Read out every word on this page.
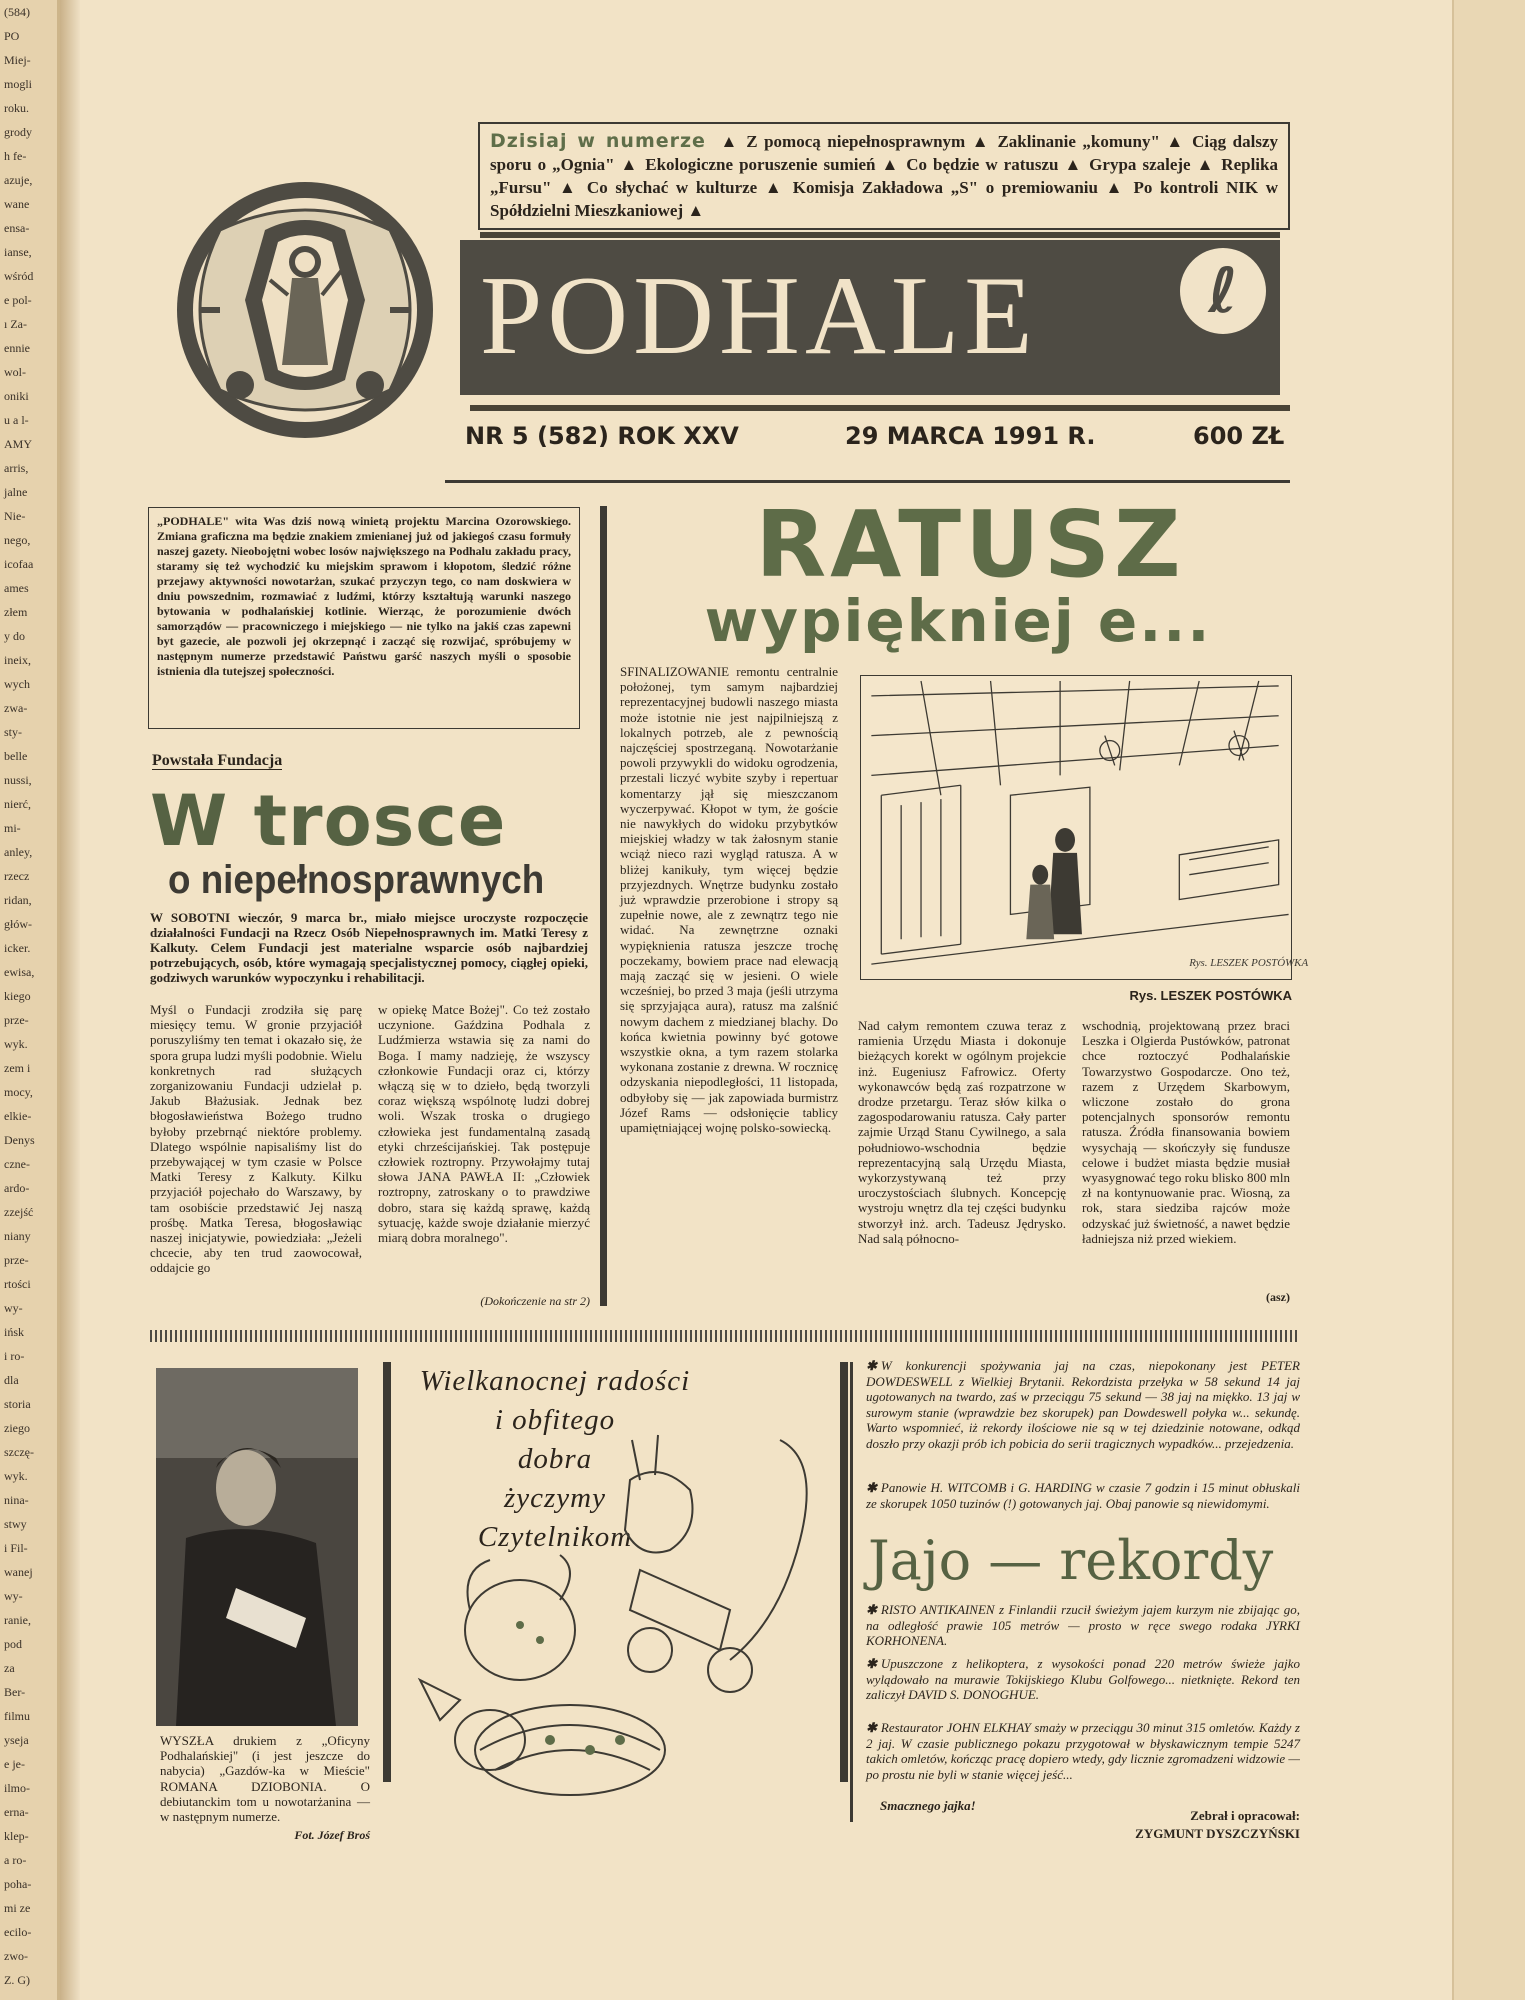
(584)
PO
Miej-
mogli
roku.
grody
h fe-
azuje,
wane
ensa-
ianse,
wśród
e pol-
ı Za-
ennie
wol-
oniki
u a l-
AMY
arris,
jalne
Nie-
nego,
icofaa
ames
złem
y do
ineix,
wych
zwa-
sty-
belle
nussi,
nierć,
mi-
anley,
rzecz
ridan,
głów-
icker.
ewisa,
kiego
prze-
wyk.
zem i
mocy,
elkie-
Denys
czne-
ardo-
zzejść
niany
prze-
rtości
wy-
ińsk
i ro-
dla
storia
ziego
szczę-
wyk.
nina-
stwy
i Fil-
wanej
wy-
ranie,
pod
za
Ber-
filmu
yseja
e je-
ilmo-
erna-
klep-
a ro-
poha-
mi ze
ecilo-
zwo-
Z. G)
Dzisiaj w numerze ▲ Z pomocą niepełnosprawnym ▲ Zaklinanie „komuny" ▲ Ciąg dalszy sporu o „Ognia" ▲ Ekologiczne poruszenie sumień ▲ Co będzie w ratuszu ▲ Grypa szaleje ▲ Replika „Fursu" ▲ Co słychać w kulturze ▲ Komisja Zakładowa „S" o premiowaniu ▲ Po kontroli NIK w Spółdzielni Mieszkaniowej ▲
PODHALE	ℓ
NR 5 (582) ROK XXV	29 MARCA 1991 R.	600 ZŁ
„PODHALE" wita Was dziś nową winietą projektu Marcina Ozorowskiego. Zmiana graficzna ma będzie znakiem zmienianej już od jakiegoś czasu formuły naszej gazety. Nieobojętni wobec losów największego na Podhalu zakładu pracy, staramy się też wychodzić ku miejskim sprawom i kłopotom, śledzić różne przejawy aktywności nowotarżan, szukać przyczyn tego, co nam doskwiera w dniu powszednim, rozmawiać z ludźmi, którzy kształtują warunki naszego bytowania w podhalańskiej kotlinie. Wierząc, że porozumienie dwóch samorządów — pracowniczego i miejskiego — nie tylko na jakiś czas zapewni byt gazecie, ale pozwoli jej okrzepnąć i zacząć się rozwijać, spróbujemy w następnym numerze przedstawić Państwu garść naszych myśli o sposobie istnienia dla tutejszej społeczności.
Powstała Fundacja
W trosce
o niepełnosprawnych
W SOBOTNI wieczór, 9 marca br., miało miejsce uroczyste rozpoczęcie działalności Fundacji na Rzecz Osób Niepełnosprawnych im. Matki Teresy z Kalkuty. Celem Fundacji jest materialne wsparcie osób najbardziej potrzebujących, osób, które wymagają specjalistycznej pomocy, ciągłej opieki, godziwych warunków wypoczynku i rehabilitacji.
Myśl o Fundacji zrodziła się parę miesięcy temu. W gronie przyjaciół poruszyliśmy ten temat i okazało się, że spora grupa ludzi myśli podobnie. Wielu konkretnych rad służących zorganizowaniu Fundacji udzielał p. Jakub Błażusiak. Jednak bez błogosławieństwa Bożego trudno byłoby przebrnąć niektóre problemy. Dlatego wspólnie napisaliśmy list do przebywającej w tym czasie w Polsce Matki Teresy z Kalkuty. Kilku przyjaciół pojechało do Warszawy, by tam osobiście przedstawić Jej naszą prośbę. Matka Teresa, błogosławiąc naszej inicjatywie, powiedziała: „Jeżeli chcecie, aby ten trud zaowocował, oddajcie go
w opiekę Matce Bożej". Co też zostało uczynione. Gaździna Podhala z Ludźmierza wstawia się za nami do Boga. I mamy nadzieję, że wszyscy członkowie Fundacji oraz ci, którzy włączą się w to dzieło, będą tworzyli coraz większą wspólnotę ludzi dobrej woli. Wszak troska o drugiego człowieka jest fundamentalną zasadą etyki chrześcijańskiej. Tak postępuje człowiek roztropny. Przywołajmy tutaj słowa JANA PAWŁA II: „Człowiek roztropny, zatroskany o to prawdziwe dobro, stara się każdą sprawę, każdą sytuację, każde swoje działanie mierzyć miarą dobra moralnego".
(Dokończenie na str 2)
RATUSZ
wypiękniej e...
SFINALIZOWANIE remontu centralnie położonej, tym samym najbardziej reprezentacyjnej budowli naszego miasta może istotnie nie jest najpilniejszą z lokalnych potrzeb, ale z pewnością najczęściej spostrzeganą. Nowotarżanie powoli przywykli do widoku ogrodzenia, przestali liczyć wybite szyby i repertuar komentarzy jął się mieszczanom wyczerpywać. Kłopot w tym, że goście nie nawykłych do widoku przybytków miejskiej władzy w tak żałosnym stanie wciąż nieco razi wygląd ratusza. A w bliżej kanikuły, tym więcej będzie przyjezdnych. Wnętrze budynku zostało już wprawdzie przerobione i stropy są zupełnie nowe, ale z zewnątrz tego nie widać. Na zewnętrzne oznaki wypięknienia ratusza jeszcze trochę poczekamy, bowiem prace nad elewacją mają zacząć się w jesieni. O wiele wcześniej, bo przed 3 maja (jeśli utrzyma się sprzyjająca aura), ratusz ma zalśnić nowym dachem z miedzianej blachy. Do końca kwietnia powinny być gotowe wszystkie okna, a tym razem stolarka wykonana zostanie z drewna. W rocznicę odzyskania niepodległości, 11 listopada, odbyłoby się — jak zapowiada burmistrz Józef Rams — odsłonięcie tablicy upamiętniającej wojnę polsko-sowiecką.
Rys. LESZEK POSTÓWKA
Rys. LESZEK POSTÓWKA
Nad całym remontem czuwa teraz z ramienia Urzędu Miasta i dokonuje bieżących korekt w ogólnym projekcie inż. Eugeniusz Fafrowicz. Oferty wykonawców będą zaś rozpatrzone w drodze przetargu. Teraz słów kilka o zagospodarowaniu ratusza. Cały parter zajmie Urząd Stanu Cywilnego, a sala południowo-wschodnia będzie reprezentacyjną salą Urzędu Miasta, wykorzystywaną też przy uroczystościach ślubnych. Koncepcję wystroju wnętrz dla tej części budynku stworzył inż. arch. Tadeusz Jędrysko. Nad salą północno-
wschodnią, projektowaną przez braci Leszka i Olgierda Pustówków, patronat chce roztoczyć Podhalańskie Towarzystwo Gospodarcze. Ono też, razem z Urzędem Skarbowym, wliczone zostało do grona potencjalnych sponsorów remontu ratusza. Źródła finansowania bowiem wysychają — skończyły się fundusze celowe i budżet miasta będzie musiał wyasygnować tego roku blisko 800 mln zł na kontynuowanie prac. Wiosną, za rok, stara siedziba rajców może odzyskać już świetność, a nawet będzie ładniejsza niż przed wiekiem.
(asz)
WYSZŁA drukiem z „Oficyny Podhalańskiej" (i jest jeszcze do nabycia) „Gazdów-ka w Mieście" ROMANA DZIOBONIA. O debiutanckim tom u nowotarżanina — w następnym numerze.
Fot. Józef Broś
Wielkanocnej radości
i obfitego
dobra
życzymy
Czytelnikom
✱ W konkurencji spożywania jaj na czas, niepokonany jest PETER DOWDESWELL z Wielkiej Brytanii. Rekordzista przełyka w 58 sekund 14 jaj ugotowanych na twardo, zaś w przeciągu 75 sekund — 38 jaj na miękko. 13 jaj w surowym stanie (wprawdzie bez skorupek) pan Dowdeswell połyka w... sekundę. Warto wspomnieć, iż rekordy ilościowe nie są w tej dziedzinie notowane, odkąd doszło przy okazji prób ich pobicia do serii tragicznych wypadków... przejedzenia.
✱ Panowie H. WITCOMB i G. HARDING w czasie 7 godzin i 15 minut obłuskali ze skorupek 1050 tuzinów (!) gotowanych jaj. Obaj panowie są niewidomymi.
Jajo — rekordy
✱ RISTO ANTIKAINEN z Finlandii rzucił świeżym jajem kurzym nie zbijając go, na odległość prawie 105 metrów — prosto w ręce swego rodaka JYRKI KORHONENA.
✱ Upuszczone z helikoptera, z wysokości ponad 220 metrów świeże jajko wylądowało na murawie Tokijskiego Klubu Golfowego... nietknięte. Rekord ten zaliczył DAVID S. DONOGHUE.
✱ Restaurator JOHN ELKHAY smaży w przeciągu 30 minut 315 omletów. Każdy z 2 jaj. W czasie publicznego pokazu przygotował w błyskawicznym tempie 5247 takich omletów, kończąc pracę dopiero wtedy, gdy licznie zgromadzeni widzowie — po prostu nie byli w stanie więcej jeść...
Smacznego jajka!
Zebrał i opracował:
ZYGMUNT DYSZCZYŃSKI
